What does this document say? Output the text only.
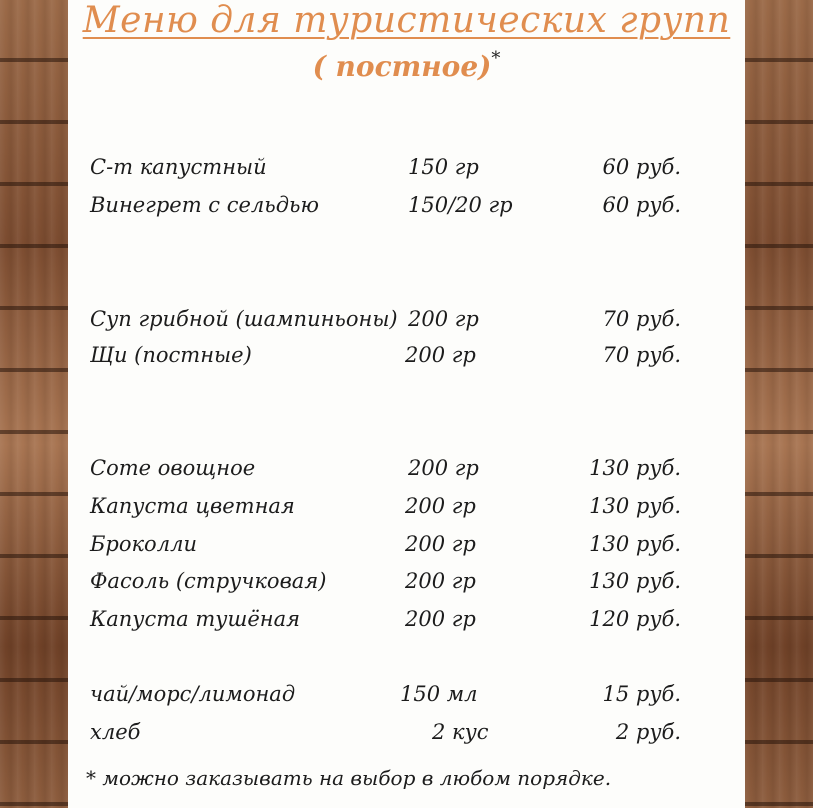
Меню для туристических групп
( постное)*
С-т капустный	150 гр	60 руб.
Винегрет с сельдью	150/20 гр	60 руб.
Суп грибной (шампиньоны) 200 гр	70 руб.
Щи (постные)	200 гр	70 руб.
Соте овощное	200 гр	130 руб.
Капуста цветная	200 гр	130 руб.
Броколли	200 гр	130 руб.
Фасоль (стручковая)	200 гр	130 руб.
Капуста тушёная	200 гр	120 руб.
чай/морс/лимонад	150 мл	15 руб.
хлеб	2 кус	2 руб.
* можно заказывать на выбор в любом порядке.
